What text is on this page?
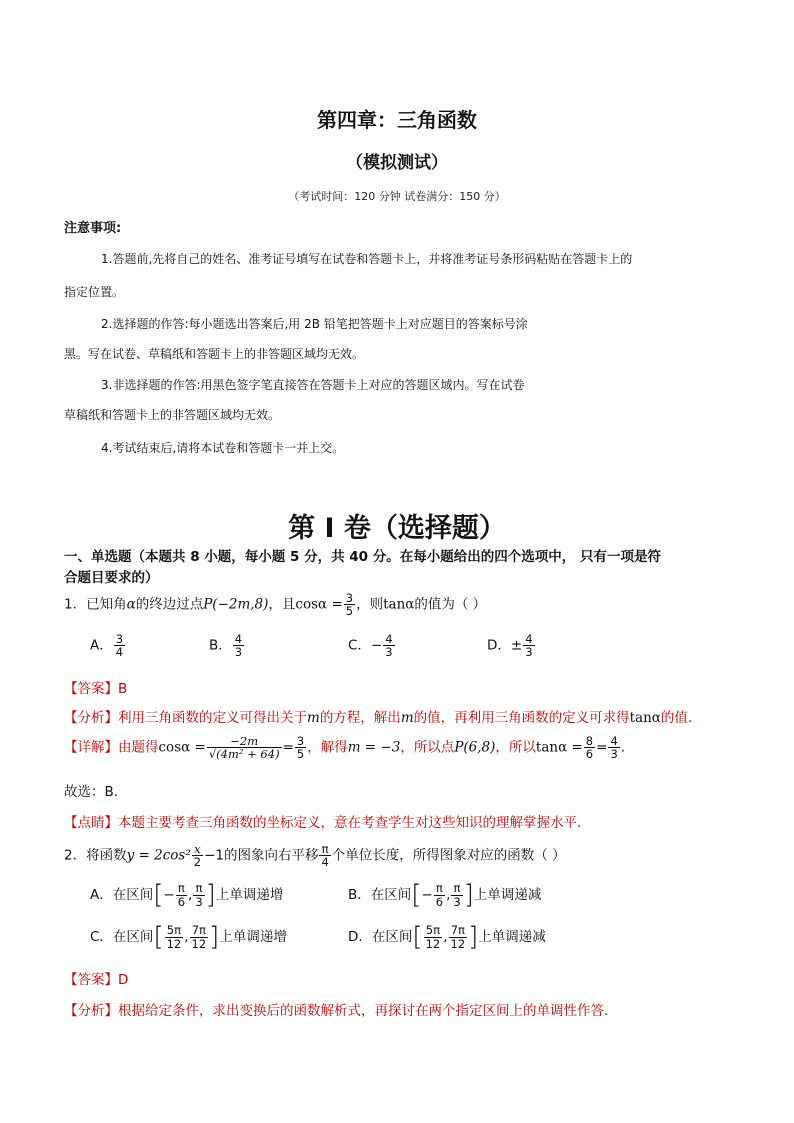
第四章：三角函数
（模拟测试）
（考试时间：120 分钟 试卷满分：150 分）
注意事项:
1.答题前,先将自己的姓名、准考证号填写在试卷和答题卡上，并将准考证号条形码粘贴在答题卡上的
指定位置。
2.选择题的作答:每小题选出答案后,用 2B 铅笔把答题卡上对应题目的答案标号涂
黑。写在试卷、草稿纸和答题卡上的非答题区域均无效。
3.非选择题的作答:用黑色签字笔直接答在答题卡上对应的答题区域内。写在试卷
草稿纸和答题卡上的非答题区域均无效。
4.考试结束后,请将本试卷和答题卡一并上交。
第 I 卷（选择题）
一、单选题（本题共 8 小题，每小题 5 分，共 40 分。在每小题给出的四个选项中， 只有一项是符
合题目要求的）
1．已知角α的终边过点P(−2m,8)，且$\cos\alpha = \frac{3}{5}$ ，则tanα的值为（ ）
A． $\frac{3}{4}$	B． $\frac{4}{3}$	C．− $\frac{4}{3}$	D．± $\frac{4}{3}$
【答案】B
【分析】利用三角函数的定义可得出关于m的方程，解出m的值，再利用三角函数的定义可求得tanα的值.
【详解】由题得$\cos\alpha = \frac{-2m}{\text{√(4m² + 64)}} = \frac{3}{5}$ ，解得m = −3，所以点P(6,8)，所以$\tan\alpha = \frac{8}{6} = \frac{4}{3}$ .
故选：B．
【点睛】本题主要考查三角函数的坐标定义，意在考查学生对这些知识的理解掌握水平.
2．将函数$y = 2\cos^2 \frac{x}{2} -1$的图象向右平移 $\frac{\pi}{4}$ 个单位长度，所得图象对应的函数（ ）
A．在区间[− $\frac{\pi}{6}$ , $\frac{\pi}{3}$ ]上单调递增	B．在区间[− $\frac{\pi}{6}$ , $\frac{\pi}{3}$ ]上单调递减
C．在区间[ $\frac{5\pi}{12}$ , $\frac{7\pi}{12}$ ]上单调递增	D．在区间[ $\frac{5\pi}{12}$ , $\frac{7\pi}{12}$ ]上单调递减
【答案】D
【分析】根据给定条件，求出变换后的函数解析式，再探讨在两个指定区间上的单调性作答.
